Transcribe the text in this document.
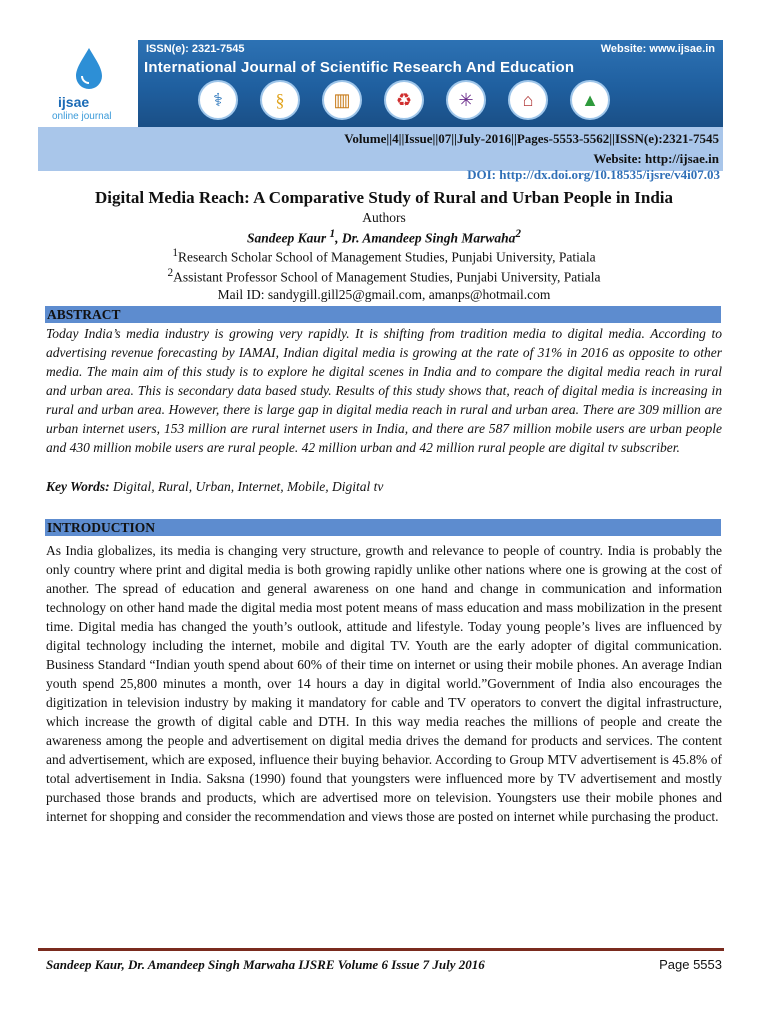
ijsae
online journal
ISSN(e): 2321-7545	Website: www.ijsae.in
International Journal of Scientific Research And Education
⚕	§	▥	♻	✳	⌂	▲
Volume||4||Issue||07||July-2016||Pages-5553-5562||ISSN(e):2321-7545
Website: http://ijsae.in
DOI: http://dx.doi.org/10.18535/ijsre/v4i07.03
Digital Media Reach: A Comparative Study of Rural and Urban People in India
Authors
Sandeep Kaur $^1$, Dr. Amandeep Singh Marwaha$^2$
$^1$Research Scholar School of Management Studies, Punjabi University, Patiala
$^2$Assistant Professor School of Management Studies, Punjabi University, Patiala
Mail ID: sandygill.gill25@gmail.com, amanps@hotmail.com
ABSTRACT
Today India’s media industry is growing very rapidly. It is shifting from tradition media to digital media. According to advertising revenue forecasting by IAMAI, Indian digital media is growing at the rate of 31% in 2016 as opposite to other media. The main aim of this study is to explore he digital scenes in India and to compare the digital media reach in rural and urban area. This is secondary data based study. Results of this study shows that, reach of digital media is increasing in rural and urban area. However, there is large gap in digital media reach in rural and urban area. There are 309 million are urban internet users, 153 million are rural internet users in India, and there are 587 million mobile users are urban people and 430 million mobile users are rural people. 42 million urban and 42 million rural people are digital tv subscriber.
Key Words: Digital, Rural, Urban, Internet, Mobile, Digital tv
INTRODUCTION
As India globalizes, its media is changing very structure, growth and relevance to people of country. India is probably the only country where print and digital media is both growing rapidly unlike other nations where one is growing at the cost of another. The spread of education and general awareness on one hand and change in communication and information technology on other hand made the digital media most potent means of mass education and mass mobilization in the present time. Digital media has changed the youth’s outlook, attitude and lifestyle. Today young people’s lives are influenced by digital technology including the internet, mobile and digital TV. Youth are the early adopter of digital communication. Business Standard “Indian youth spend about 60% of their time on internet or using their mobile phones. An average Indian youth spend 25,800 minutes a month, over 14 hours a day in digital world.”Government of India also encourages the digitization in television industry by making it mandatory for cable and TV operators to convert the digital infrastructure, which increase the growth of digital cable and DTH. In this way media reaches the millions of people and create the awareness among the people and advertisement on digital media drives the demand for products and services. The content and advertisement, which are exposed, influence their buying behavior. According to Group MTV advertisement is 45.8% of total advertisement in India. Saksna (1990) found that youngsters were influenced more by TV advertisement and mostly purchased those brands and products, which are advertised more on television. Youngsters use their mobile phones and internet for shopping and consider the recommendation and views those are posted on internet while purchasing the product.
Sandeep Kaur, Dr. Amandeep Singh Marwaha IJSRE Volume 6 Issue 7 July 2016	Page 5553
